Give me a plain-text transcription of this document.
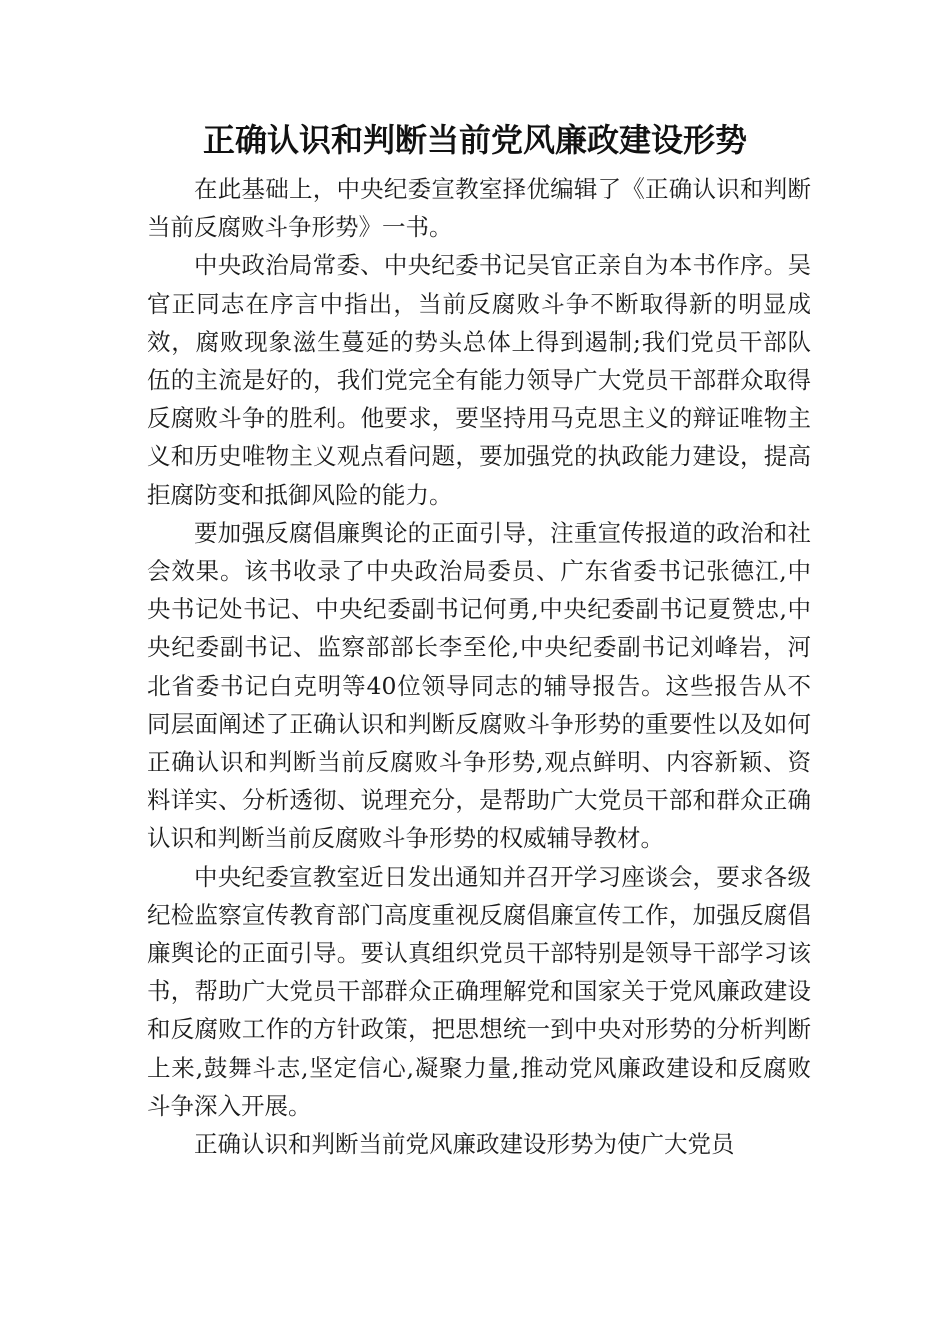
正确认识和判断当前党风廉政建设形势

在此基础上，中央纪委宣教室择优编辑了《正确认识和判断当前反腐败斗争形势》一书。

中央政治局常委、中央纪委书记吴官正亲自为本书作序。吴官正同志在序言中指出，当前反腐败斗争不断取得新的明显成效，腐败现象滋生蔓延的势头总体上得到遏制;我们党员干部队伍的主流是好的，我们党完全有能力领导广大党员干部群众取得反腐败斗争的胜利。他要求，要坚持用马克思主义的辩证唯物主义和历史唯物主义观点看问题，要加强党的执政能力建设，提高拒腐防变和抵御风险的能力。

要加强反腐倡廉舆论的正面引导，注重宣传报道的政治和社会效果。该书收录了中央政治局委员、广东省委书记张德江,中央书记处书记、中央纪委副书记何勇,中央纪委副书记夏赞忠,中央纪委副书记、监察部部长李至伦,中央纪委副书记刘峰岩，河北省委书记白克明等40位领导同志的辅导报告。这些报告从不同层面阐述了正确认识和判断反腐败斗争形势的重要性以及如何正确认识和判断当前反腐败斗争形势,观点鲜明、内容新颖、资料详实、分析透彻、说理充分，是帮助广大党员干部和群众正确认识和判断当前反腐败斗争形势的权威辅导教材。

中央纪委宣教室近日发出通知并召开学习座谈会，要求各级纪检监察宣传教育部门高度重视反腐倡廉宣传工作，加强反腐倡廉舆论的正面引导。要认真组织党员干部特别是领导干部学习该书，帮助广大党员干部群众正确理解党和国家关于党风廉政建设和反腐败工作的方针政策，把思想统一到中央对形势的分析判断上来,鼓舞斗志,坚定信心,凝聚力量,推动党风廉政建设和反腐败斗争深入开展。

正确认识和判断当前党风廉政建设形势为使广大党员
